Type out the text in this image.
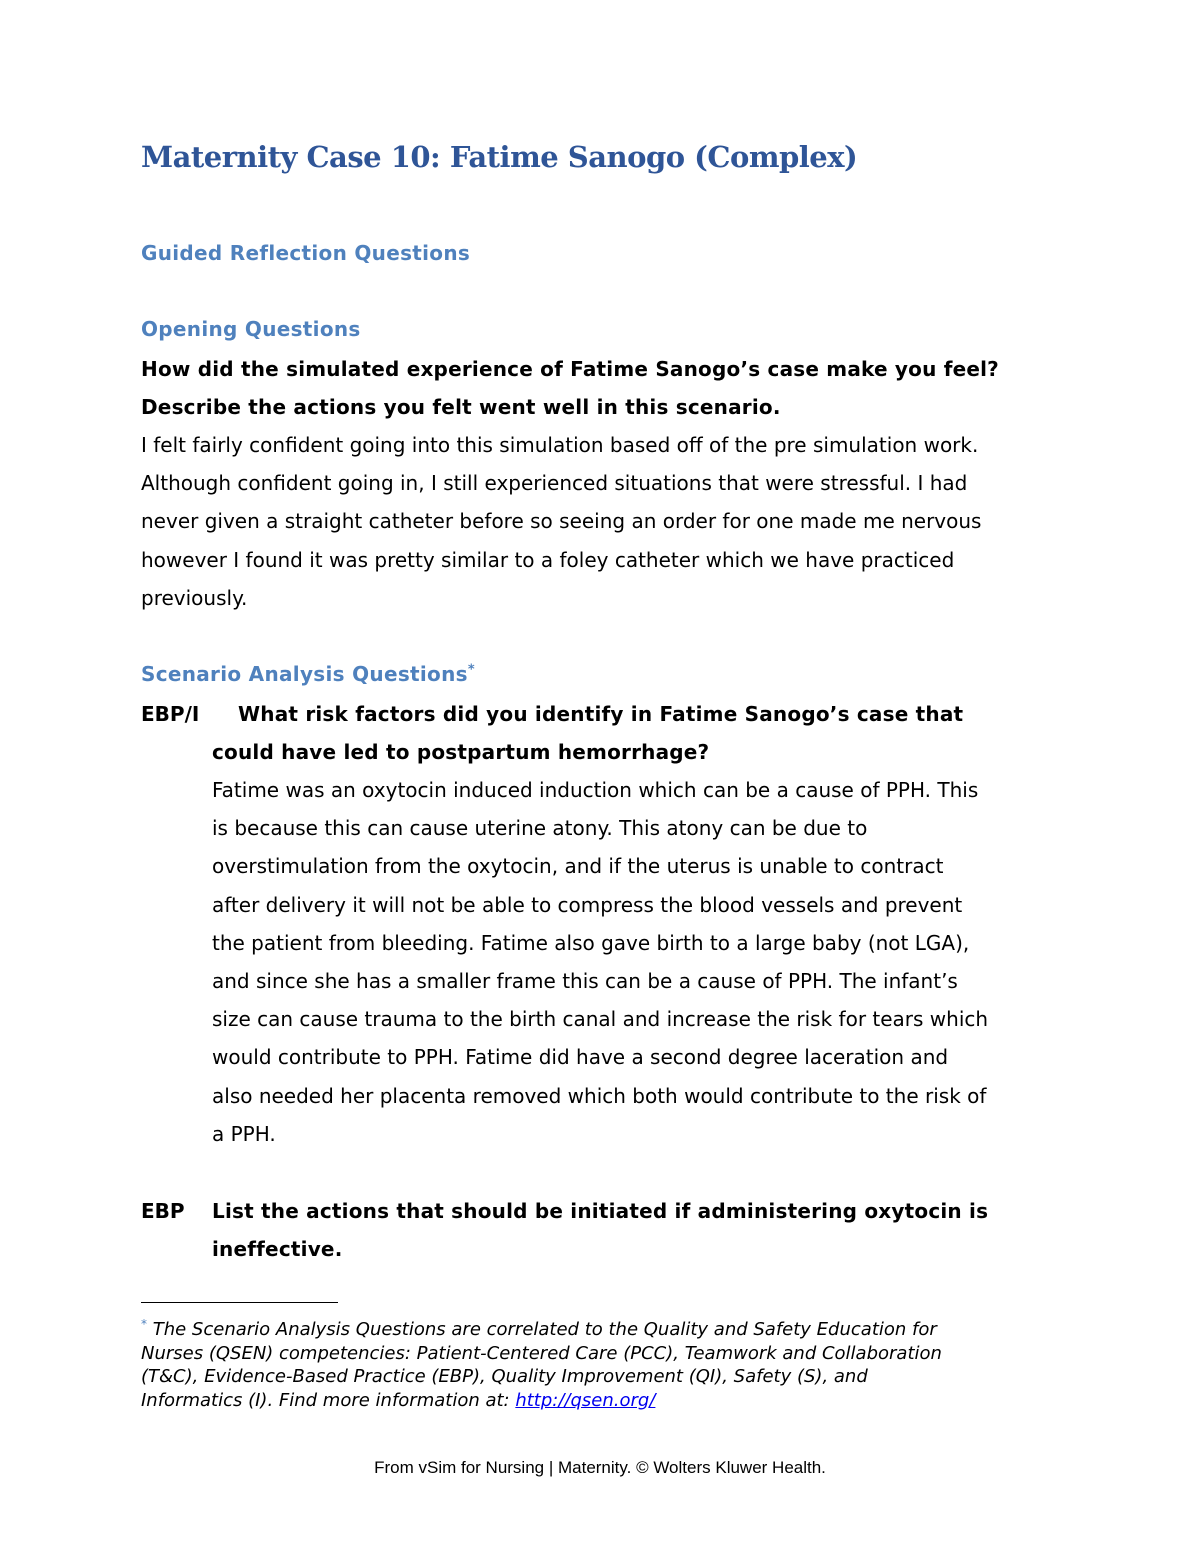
Maternity Case 10: Fatime Sanogo (Complex)
Guided Reflection Questions
Opening Questions

How did the simulated experience of Fatime Sanogo’s case make you feel?

Describe the actions you felt went well in this scenario.

I felt fairly confident going into this simulation based off of the pre simulation work.
Although confident going in, I still experienced situations that were stressful. I had
never given a straight catheter before so seeing an order for one made me nervous
however I found it was pretty similar to a foley catheter which we have practiced
previously.
Scenario Analysis Questions*
EBP/I What risk factors did you identify in Fatime Sanogo’s case that
could have led to postpartum hemorrhage?
Fatime was an oxytocin induced induction which can be a cause of PPH. This
is because this can cause uterine atony. This atony can be due to
overstimulation from the oxytocin, and if the uterus is unable to contract
after delivery it will not be able to compress the blood vessels and prevent
the patient from bleeding. Fatime also gave birth to a large baby (not LGA),
and since she has a smaller frame this can be a cause of PPH. The infant’s
size can cause trauma to the birth canal and increase the risk for tears which
would contribute to PPH. Fatime did have a second degree laceration and
also needed her placenta removed which both would contribute to the risk of
a PPH.
EBP List the actions that should be initiated if administering oxytocin is
ineffective.
* The Scenario Analysis Questions are correlated to the Quality and Safety Education for
Nurses (QSEN) competencies: Patient-Centered Care (PCC), Teamwork and Collaboration
(T&C), Evidence-Based Practice (EBP), Quality Improvement (QI), Safety (S), and
Informatics (I). Find more information at: http://qsen.org/
From vSim for Nursing | Maternity. © Wolters Kluwer Health.
